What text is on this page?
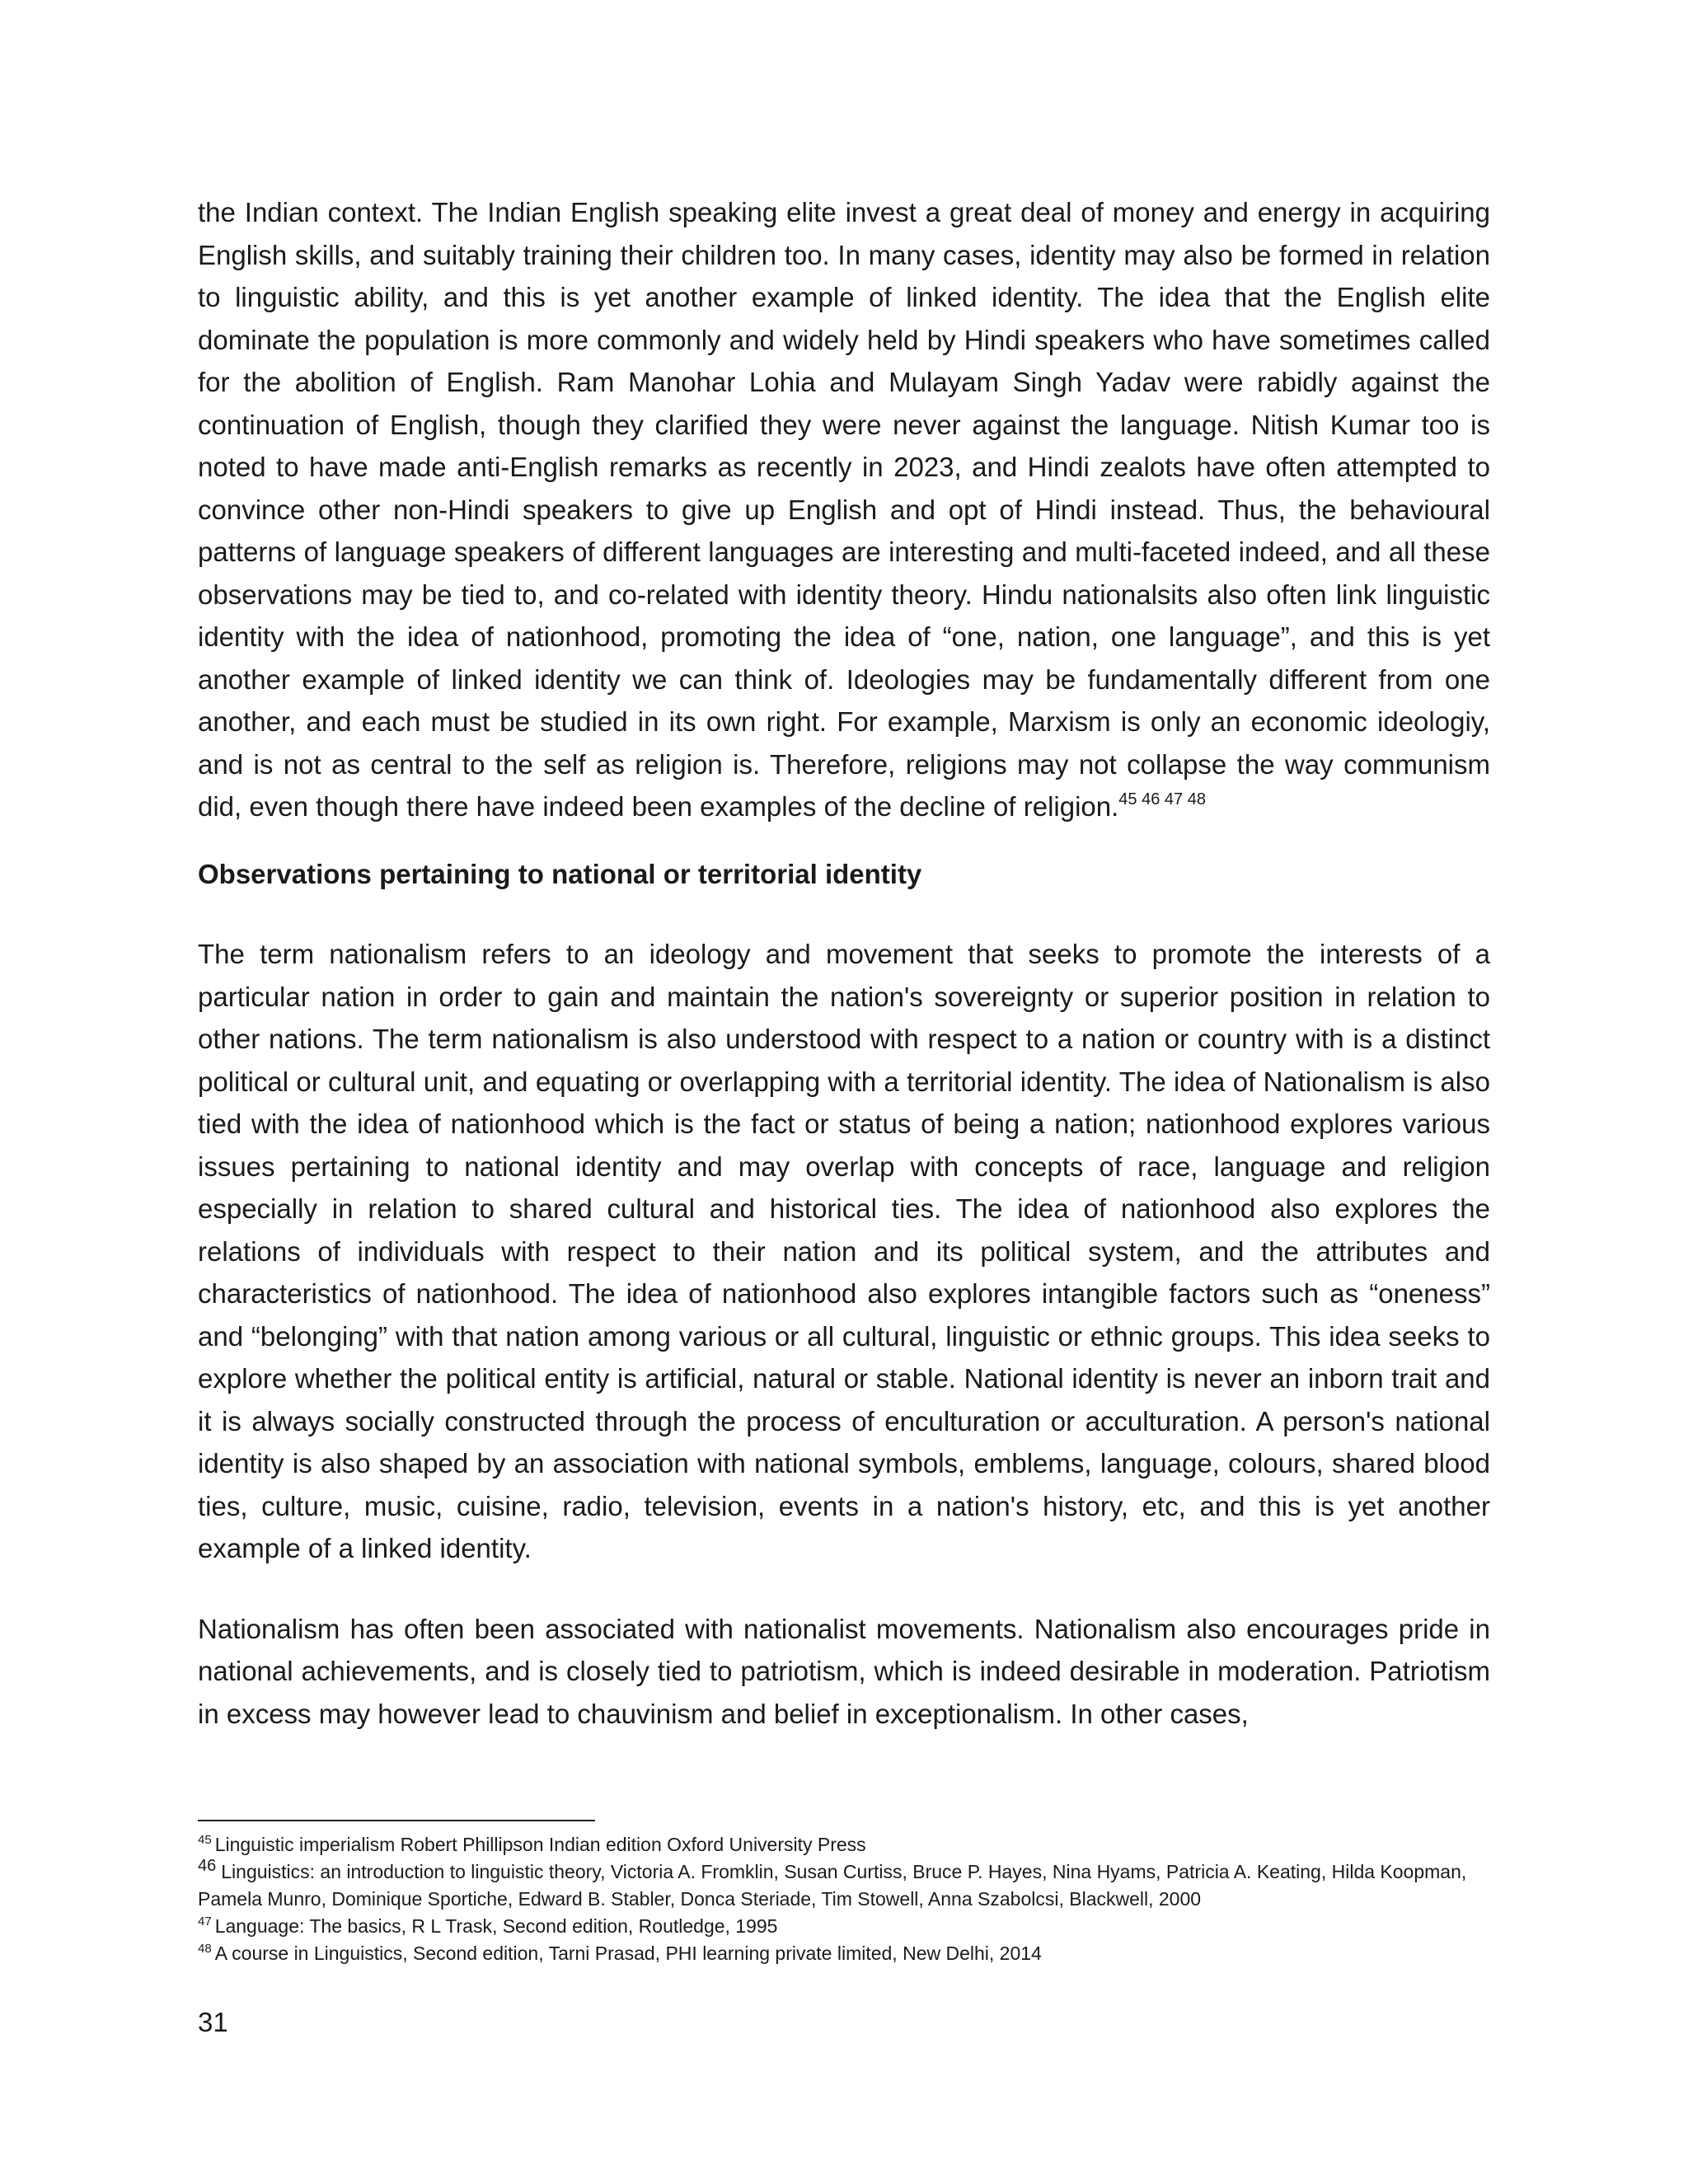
the Indian context. The Indian English speaking elite invest a great deal of money and energy in acquiring English skills, and suitably training their children too. In many cases, identity may also be formed in relation to linguistic ability, and this is yet another example of linked identity. The idea that the English elite dominate the population is more commonly and widely held by Hindi speakers who have sometimes called for the abolition of English. Ram Manohar Lohia and Mulayam Singh Yadav were rabidly against the continuation of English, though they clarified they were never against the language. Nitish Kumar too is noted to have made anti-English remarks as recently in 2023, and Hindi zealots have often attempted to convince other non-Hindi speakers to give up English and opt of Hindi instead. Thus, the behavioural patterns of language speakers of different languages are interesting and multi-faceted indeed, and all these observations may be tied to, and co-related with identity theory. Hindu nationalsits also often link linguistic identity with the idea of nationhood, promoting the idea of “one, nation, one language”, and this is yet another example of linked identity we can think of. Ideologies may be fundamentally different from one another, and each must be studied in its own right. For example, Marxism is only an economic ideologiy, and is not as central to the self as religion is. Therefore, religions may not collapse the way communism did, even though there have indeed been examples of the decline of religion.$^{45 46 47 48}$

Observations pertaining to national or territorial identity

The term nationalism refers to an ideology and movement that seeks to promote the interests of a particular nation in order to gain and maintain the nation's sovereignty or superior position in relation to other nations. The term nationalism is also understood with respect to a nation or country with is a distinct political or cultural unit, and equating or overlapping with a territorial identity. The idea of Nationalism is also tied with the idea of nationhood which is the fact or status of being a nation; nationhood explores various issues pertaining to national identity and may overlap with concepts of race, language and religion especially in relation to shared cultural and historical ties. The idea of nationhood also explores the relations of individuals with respect to their nation and its political system, and the attributes and characteristics of nationhood. The idea of nationhood also explores intangible factors such as “oneness” and “belonging” with that nation among various or all cultural, linguistic or ethnic groups. This idea seeks to explore whether the political entity is artificial, natural or stable. National identity is never an inborn trait and it is always socially constructed through the process of enculturation or acculturation. A person's national identity is also shaped by an association with national symbols, emblems, language, colours, shared blood ties, culture, music, cuisine, radio, television, events in a nation's history, etc, and this is yet another example of a linked identity.

Nationalism has often been associated with nationalist movements. Nationalism also encourages pride in national achievements, and is closely tied to patriotism, which is indeed desirable in moderation. Patriotism in excess may however lead to chauvinism and belief in exceptionalism. In other cases,

$^{45}$ Linguistic imperialism Robert Phillipson Indian edition Oxford University Press

46 Linguistics: an introduction to linguistic theory, Victoria A. Fromklin, Susan Curtiss, Bruce P. Hayes, Nina Hyams, Patricia A. Keating, Hilda Koopman, Pamela Munro, Dominique Sportiche, Edward B. Stabler, Donca Steriade, Tim Stowell, Anna Szabolcsi, Blackwell, 2000

$^{47}$ Language: The basics, R L Trask, Second edition, Routledge, 1995

$^{48}$ A course in Linguistics, Second edition, Tarni Prasad, PHI learning private limited, New Delhi, 2014

31
